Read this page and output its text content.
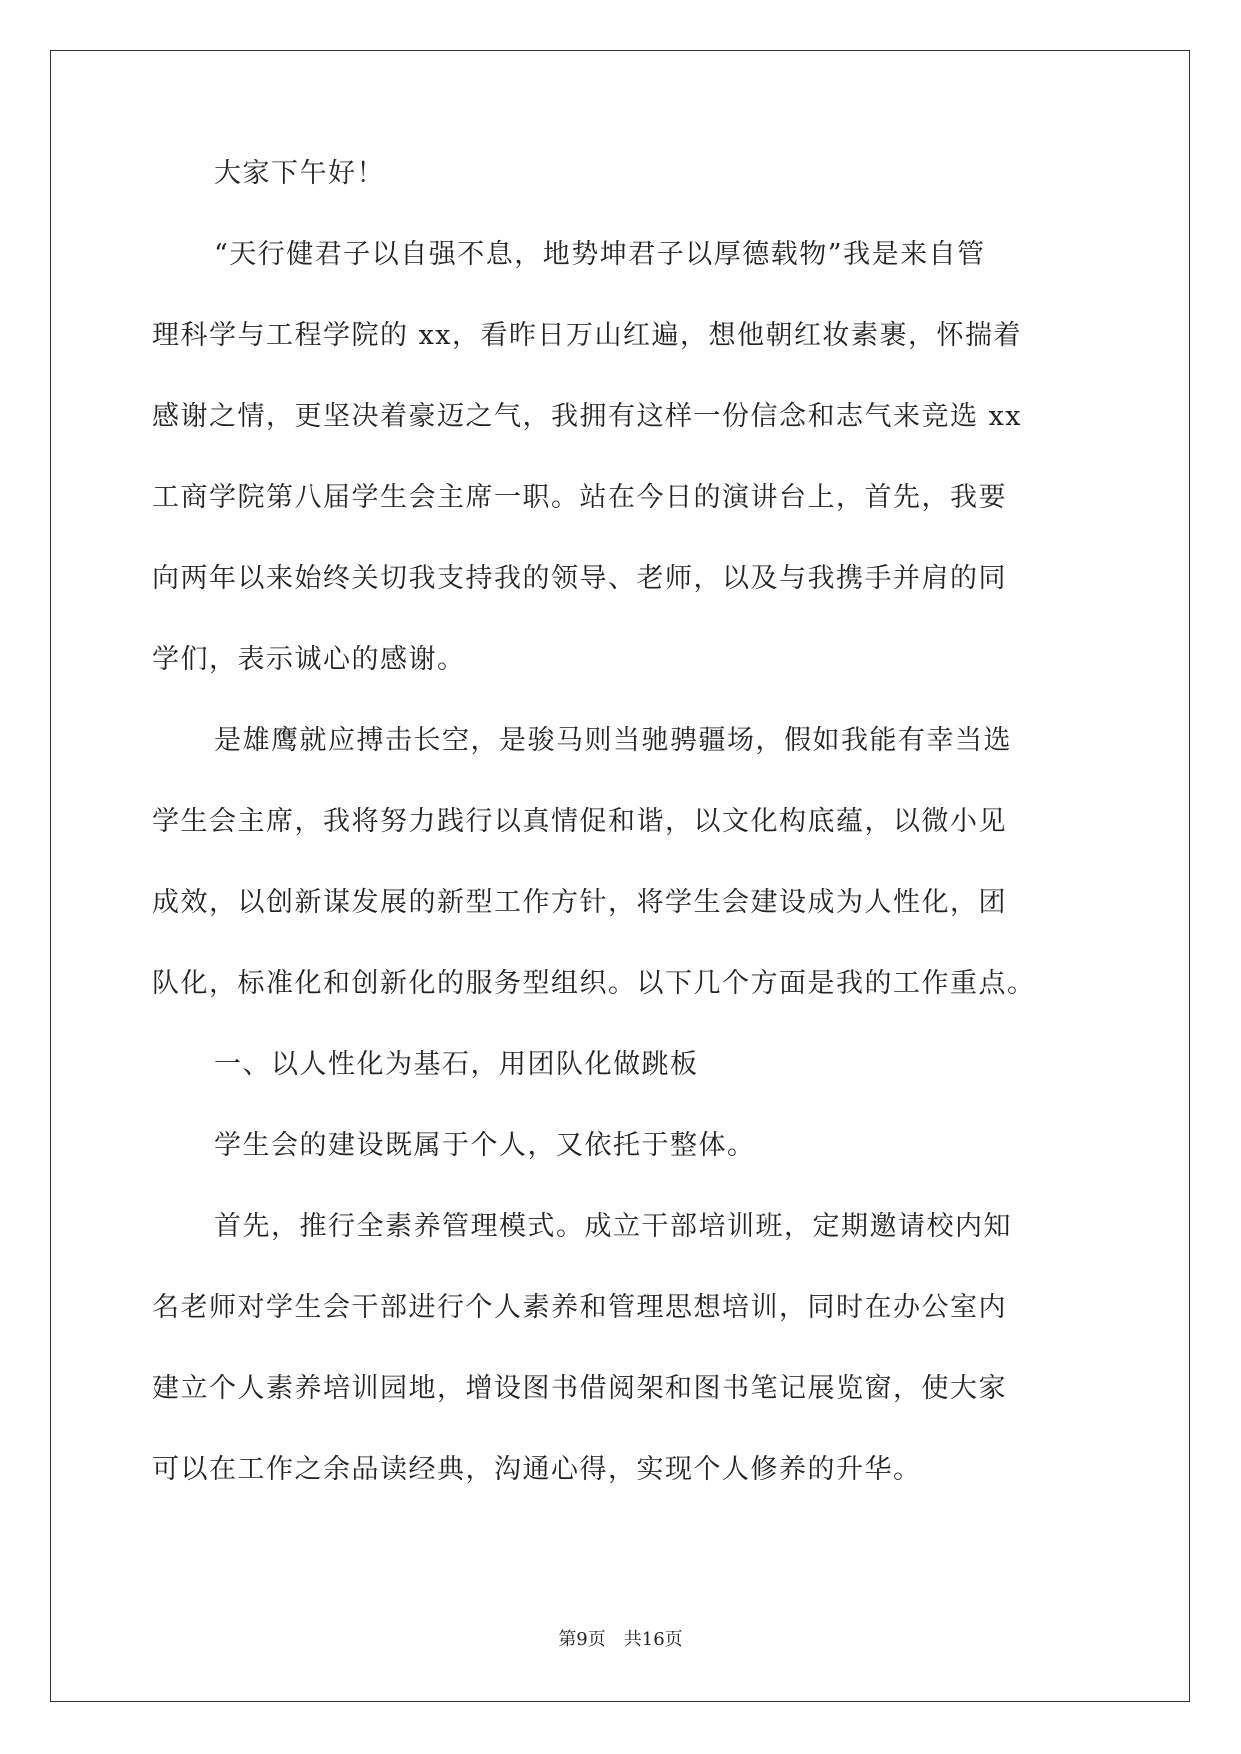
大家下午好！
“天行健君子以自强不息，地势坤君子以厚德载物”我是来自管
理科学与工程学院的 xx，看昨日万山红遍，想他朝红妆素裹，怀揣着
感谢之情，更坚决着豪迈之气，我拥有这样一份信念和志气来竞选 xx
工商学院第八届学生会主席一职。站在今日的演讲台上，首先，我要
向两年以来始终关切我支持我的领导、老师，以及与我携手并肩的同
学们，表示诚心的感谢。
是雄鹰就应搏击长空，是骏马则当驰骋疆场，假如我能有幸当选
学生会主席，我将努力践行以真情促和谐，以文化构底蕴，以微小见
成效，以创新谋发展的新型工作方针，将学生会建设成为人性化，团
队化，标准化和创新化的服务型组织。以下几个方面是我的工作重点。
一、以人性化为基石，用团队化做跳板
学生会的建设既属于个人，又依托于整体。
首先，推行全素养管理模式。成立干部培训班，定期邀请校内知
名老师对学生会干部进行个人素养和管理思想培训，同时在办公室内
建立个人素养培训园地，增设图书借阅架和图书笔记展览窗，使大家
可以在工作之余品读经典，沟通心得，实现个人修养的升华。
第9页 共16页
